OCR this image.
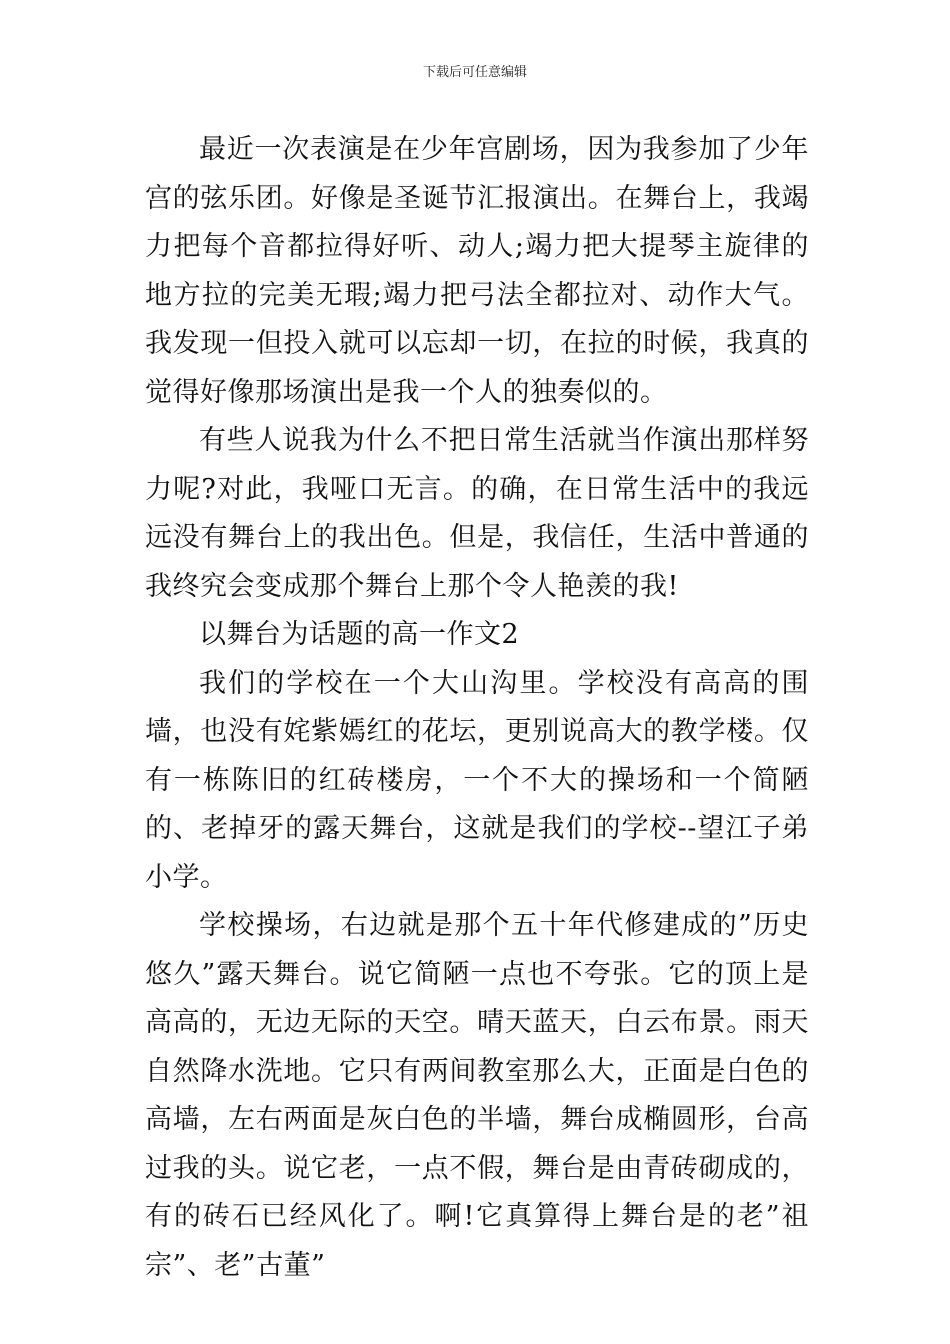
下载后可任意编辑

最近一次表演是在少年宫剧场，因为我参加了少年宫的弦乐团。好像是圣诞节汇报演出。在舞台上，我竭力把每个音都拉得好听、动人;竭力把大提琴主旋律的地方拉的完美无瑕;竭力把弓法全都拉对、动作大气。我发现一但投入就可以忘却一切，在拉的时候，我真的觉得好像那场演出是我一个人的独奏似的。

有些人说我为什么不把日常生活就当作演出那样努力呢?对此，我哑口无言。的确，在日常生活中的我远远没有舞台上的我出色。但是，我信任，生活中普通的我终究会变成那个舞台上那个令人艳羡的我!

以舞台为话题的高一作文2

我们的学校在一个大山沟里。学校没有高高的围墙，也没有姹紫嫣红的花坛，更别说高大的教学楼。仅有一栋陈旧的红砖楼房，一个不大的操场和一个简陋的、老掉牙的露天舞台，这就是我们的学校--望江子弟小学。

学校操场，右边就是那个五十年代修建成的”历史悠久”露天舞台。说它简陋一点也不夸张。它的顶上是高高的，无边无际的天空。晴天蓝天，白云布景。雨天自然降水洗地。它只有两间教室那么大，正面是白色的高墙，左右两面是灰白色的半墙，舞台成椭圆形，台高过我的头。说它老，一点不假，舞台是由青砖砌成的，有的砖石已经风化了。啊!它真算得上舞台是的老”祖宗”、老”古董”
